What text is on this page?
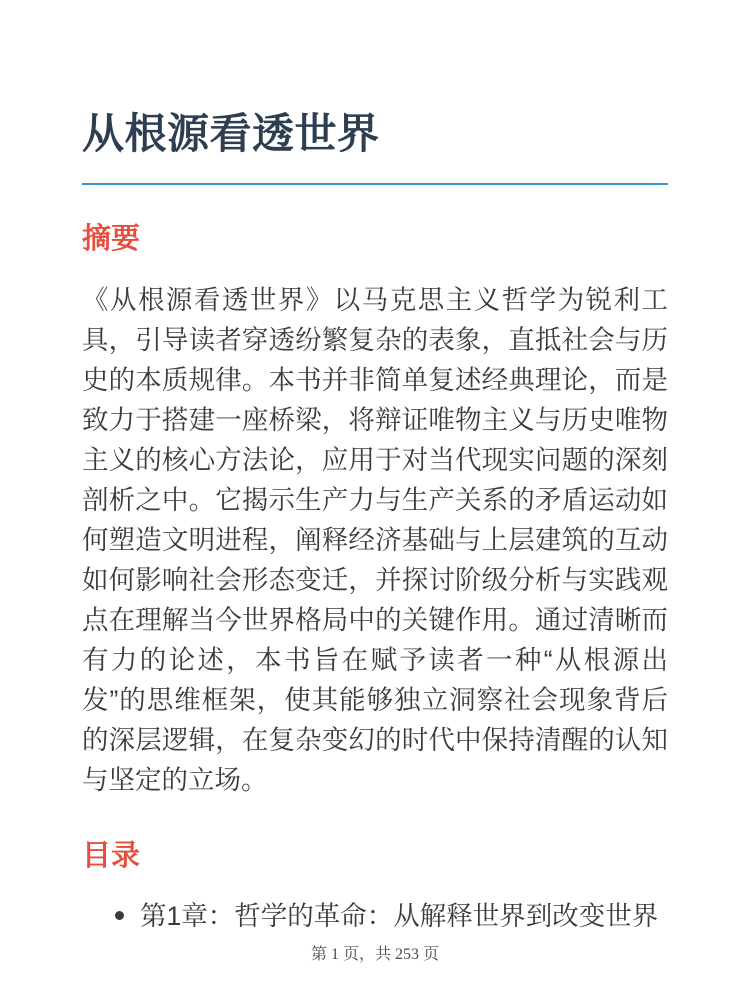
从根源看透世界
摘要

《从根源看透世界》以马克思主义哲学为锐利工具，引导读者穿透纷繁复杂的表象，直抵社会与历史的本质规律。本书并非简单复述经典理论，而是致力于搭建一座桥梁，将辩证唯物主义与历史唯物主义的核心方法论，应用于对当代现实问题的深刻剖析之中。它揭示生产力与生产关系的矛盾运动如何塑造文明进程，阐释经济基础与上层建筑的互动如何影响社会形态变迁，并探讨阶级分析与实践观点在理解当今世界格局中的关键作用。通过清晰而有力的论述，本书旨在赋予读者一种“从根源出发”的思维框架，使其能够独立洞察社会现象背后的深层逻辑，在复杂变幻的时代中保持清醒的认知与坚定的立场。

目录
第1章：哲学的革命：从解释世界到改变世界
第 1 页，共 253 页
